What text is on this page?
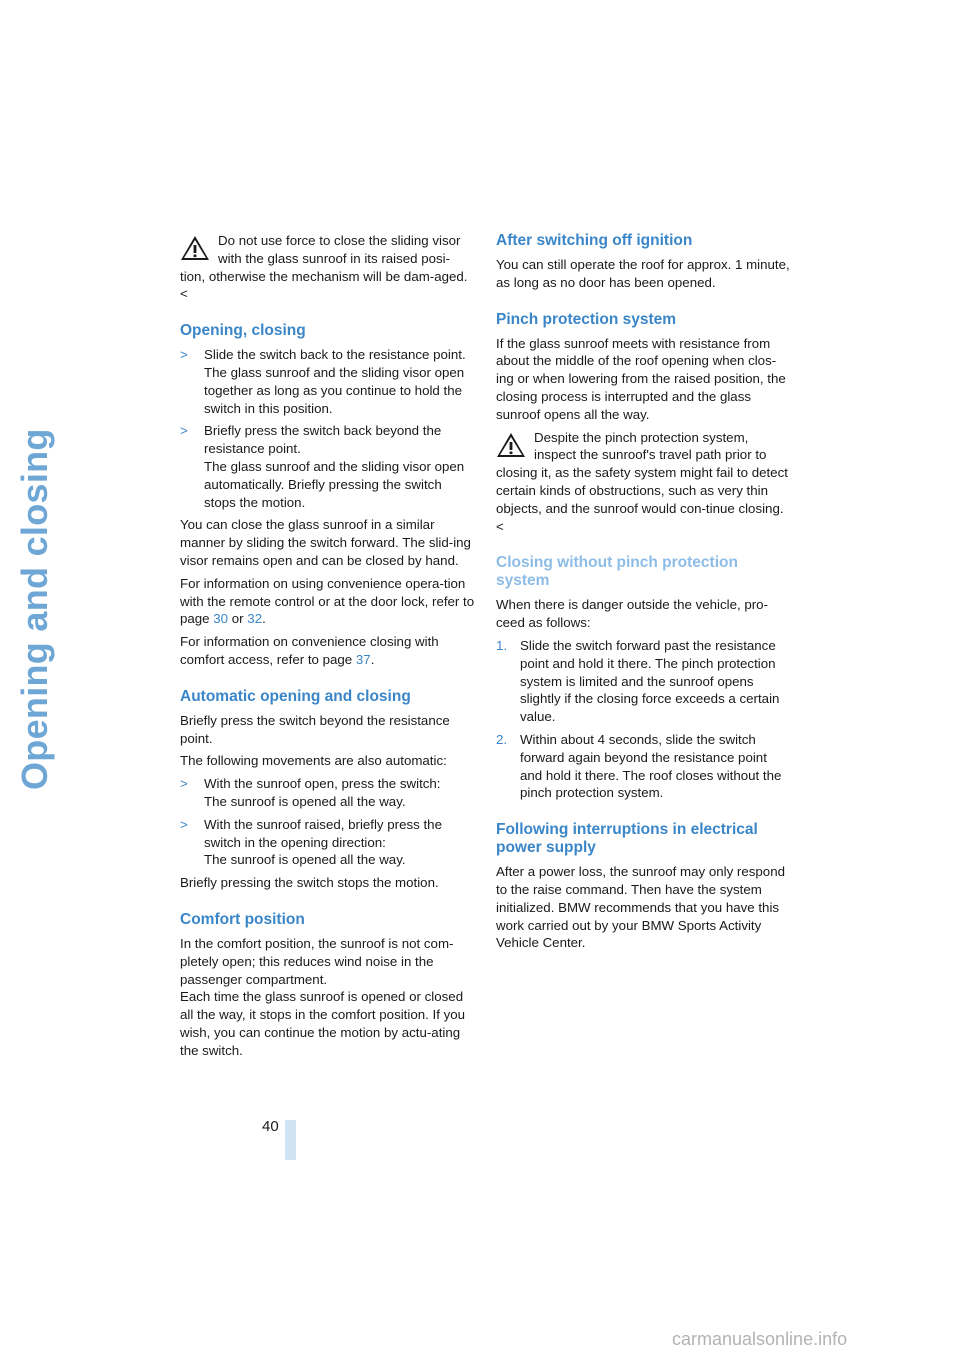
Opening and closing
Do not use force to close the sliding visor with the glass sunroof in its raised posi-tion, otherwise the mechanism will be dam-aged.<
Opening, closing
> Slide the switch back to the resistance point.
The glass sunroof and the sliding visor open together as long as you continue to hold the switch in this position.
> Briefly press the switch back beyond the resistance point.
The glass sunroof and the sliding visor open automatically. Briefly pressing the switch stops the motion.

You can close the glass sunroof in a similar manner by sliding the switch forward. The slid-ing visor remains open and can be closed by hand.

For information on using convenience opera-tion with the remote control or at the door lock, refer to page 30 or 32.

For information on convenience closing with comfort access, refer to page 37.

Automatic opening and closing

Briefly press the switch beyond the resistance point.

The following movements are also automatic:

> With the sunroof open, press the switch:
The sunroof is opened all the way.
> With the sunroof raised, briefly press the switch in the opening direction:
The sunroof is opened all the way.

Briefly pressing the switch stops the motion.

Comfort position

In the comfort position, the sunroof is not com-pletely open; this reduces wind noise in the passenger compartment.

Each time the glass sunroof is opened or closed all the way, it stops in the comfort position. If you wish, you can continue the motion by actu-ating the switch.

After switching off ignition

You can still operate the roof for approx. 1 minute, as long as no door has been opened.

Pinch protection system

If the glass sunroof meets with resistance from about the middle of the roof opening when clos-ing or when lowering from the raised position, the closing process is interrupted and the glass sunroof opens all the way.

Despite the pinch protection system, inspect the sunroof's travel path prior to closing it, as the safety system might fail to detect certain kinds of obstructions, such as very thin objects, and the sunroof would con-tinue closing.<
Closing without pinch protection system

When there is danger outside the vehicle, pro-ceed as follows:

1. Slide the switch forward past the resistance point and hold it there. The pinch protection system is limited and the sunroof opens slightly if the closing force exceeds a certain value.
2. Within about 4 seconds, slide the switch forward again beyond the resistance point and hold it there. The roof closes without the pinch protection system.
Following interruptions in electrical power supply

After a power loss, the sunroof may only respond to the raise command. Then have the system initialized. BMW recommends that you have this work carried out by your BMW Sports Activity Vehicle Center.

40
carmanualsonline.info
